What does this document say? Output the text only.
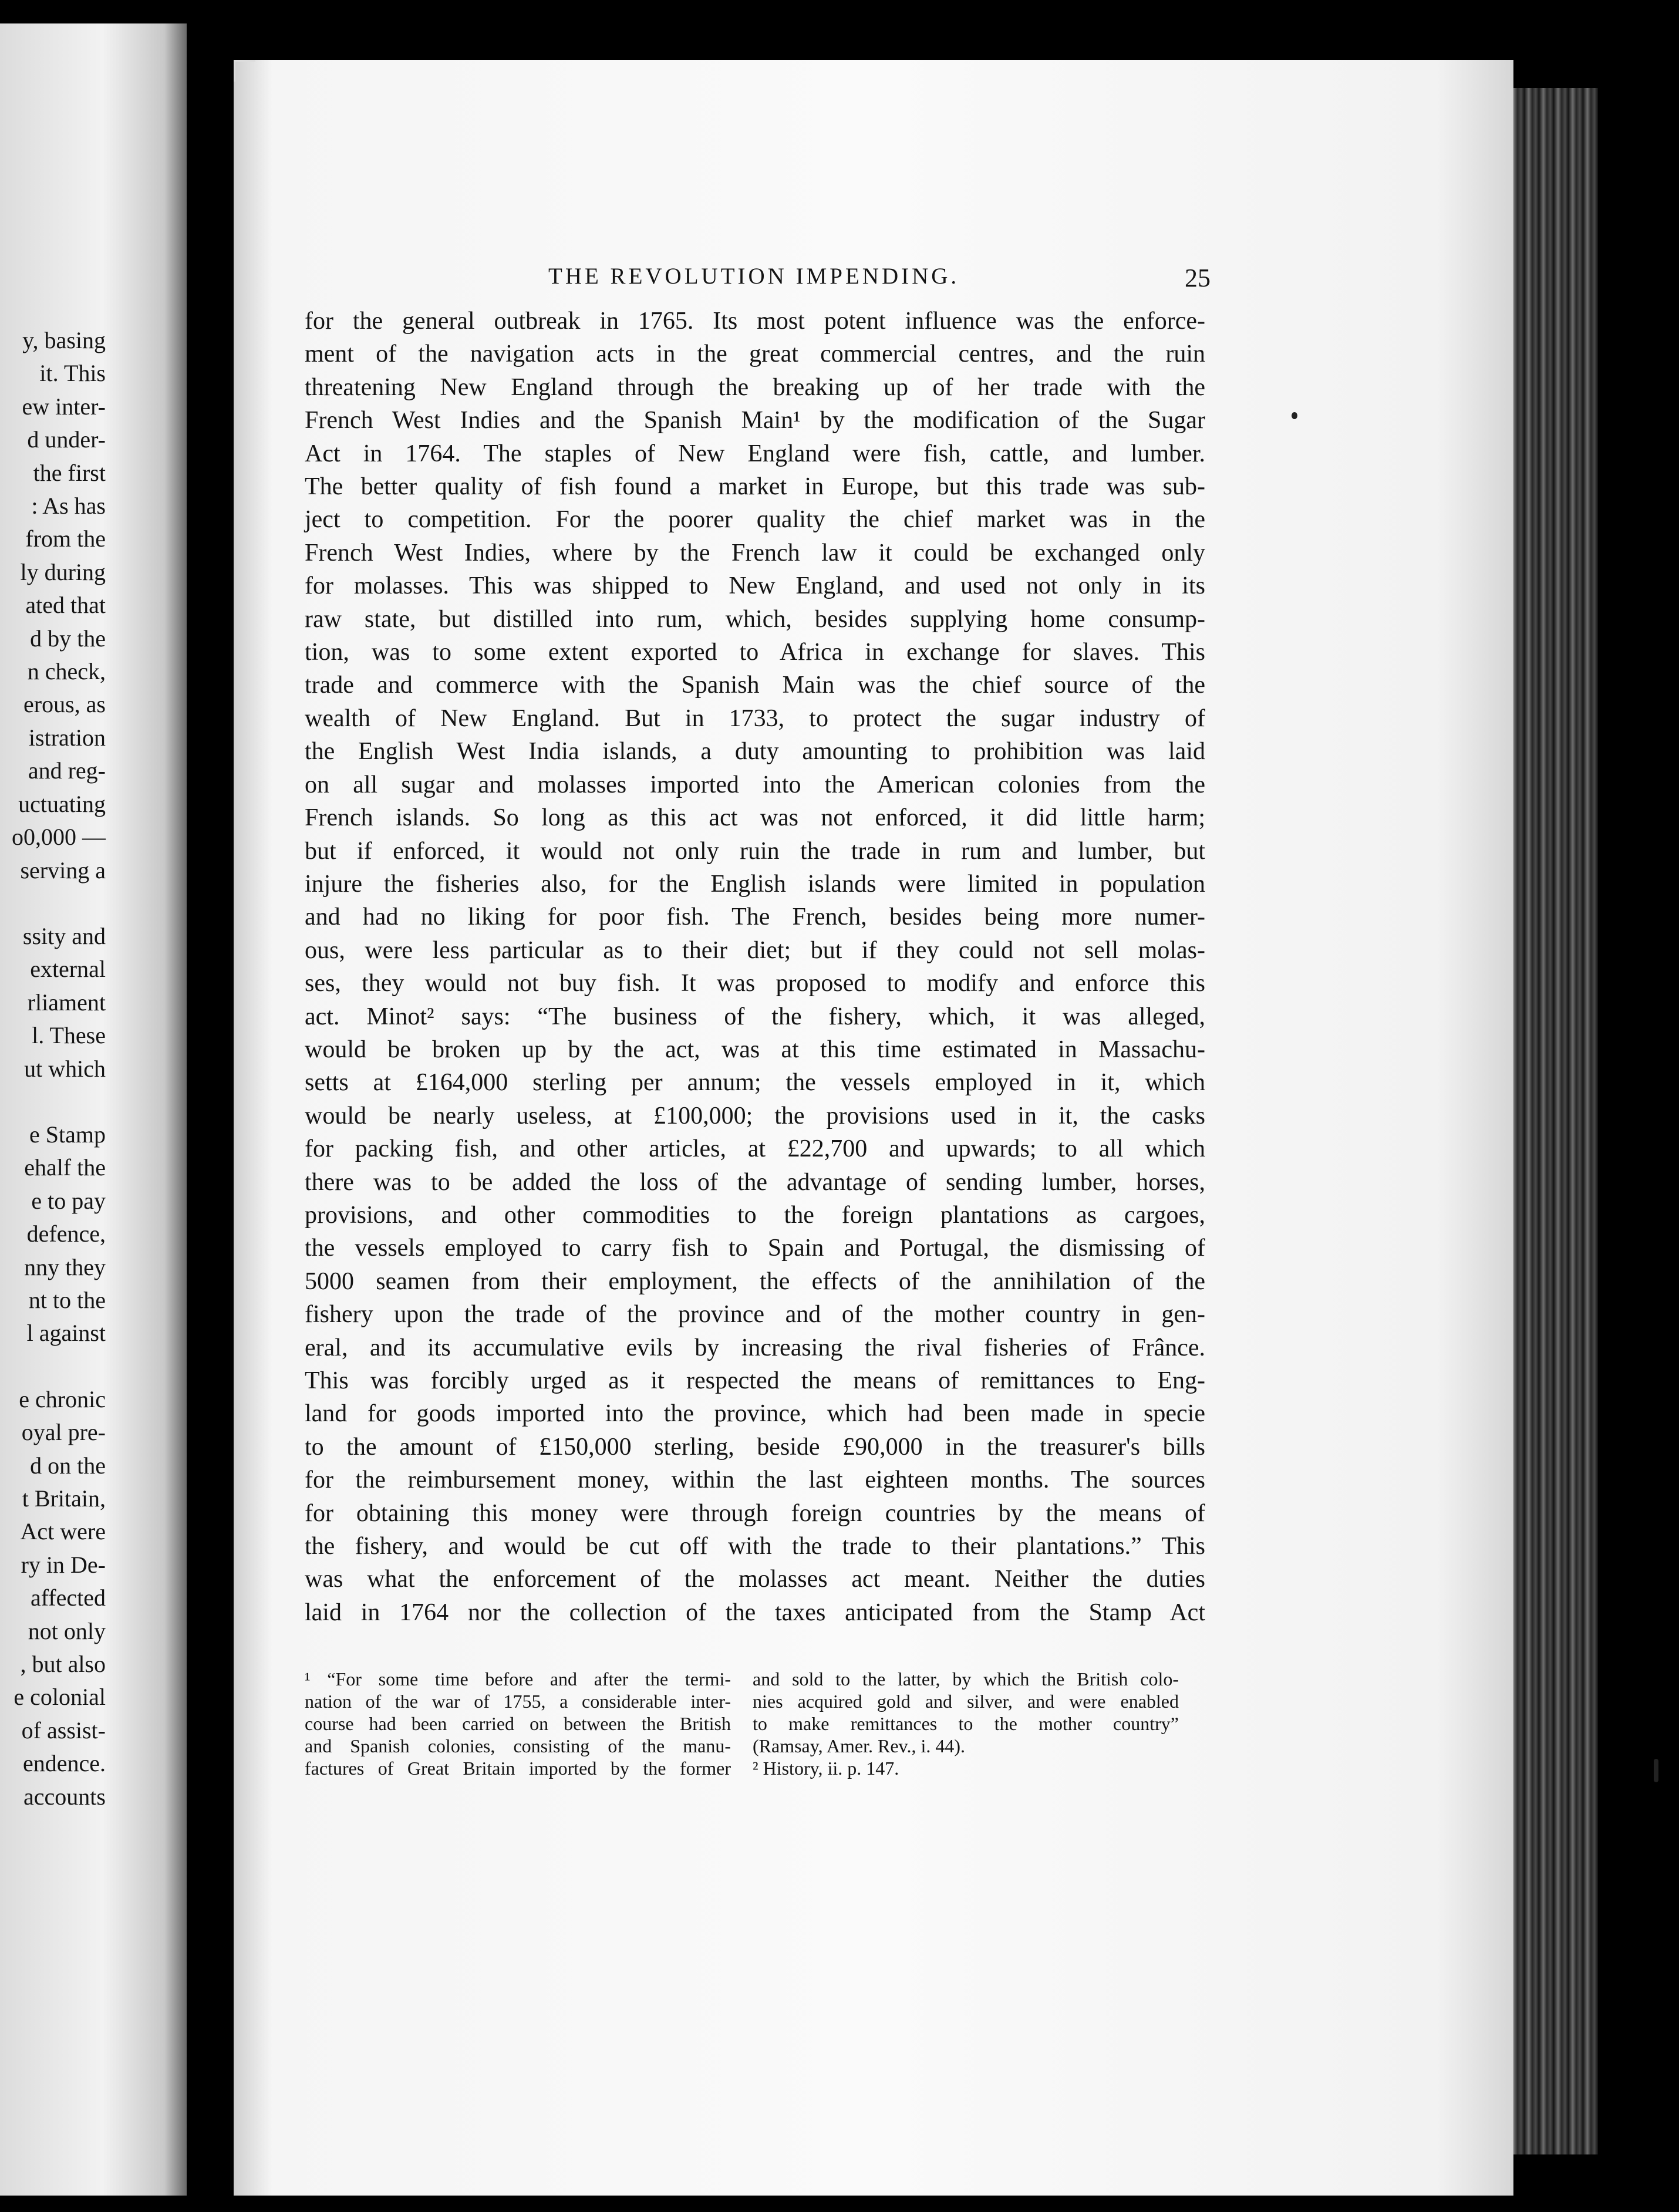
y, basing
it. This
ew inter-
d under-
the first
: As has
from the
ly during
ated that
d by the
n check,
erous, as
istration
and reg-
uctuating
o0,000 —
serving a
ssity and
external
rliament
l. These
ut which
e Stamp
ehalf the
e to pay
defence,
nny they
nt to the
l against
e chronic
oyal pre-
d on the
t Britain,
Act were
ry in De-
affected
not only
, but also
e colonial
of assist-
endence.
accounts
THE REVOLUTION IMPENDING.	25
for the general outbreak in 1765. Its most potent influence was the enforce-
ment of the navigation acts in the great commercial centres, and the ruin
threatening New England through the breaking up of her trade with the
French West Indies and the Spanish Main¹ by the modification of the Sugar
Act in 1764. The staples of New England were fish, cattle, and lumber.
The better quality of fish found a market in Europe, but this trade was sub-
ject to competition. For the poorer quality the chief market was in the
French West Indies, where by the French law it could be exchanged only
for molasses. This was shipped to New England, and used not only in its
raw state, but distilled into rum, which, besides supplying home consump-
tion, was to some extent exported to Africa in exchange for slaves. This
trade and commerce with the Spanish Main was the chief source of the
wealth of New England. But in 1733, to protect the sugar industry of
the English West India islands, a duty amounting to prohibition was laid
on all sugar and molasses imported into the American colonies from the
French islands. So long as this act was not enforced, it did little harm;
but if enforced, it would not only ruin the trade in rum and lumber, but
injure the fisheries also, for the English islands were limited in population
and had no liking for poor fish. The French, besides being more numer-
ous, were less particular as to their diet; but if they could not sell molas-
ses, they would not buy fish. It was proposed to modify and enforce this
act. Minot² says: “The business of the fishery, which, it was alleged,
would be broken up by the act, was at this time estimated in Massachu-
setts at £164,000 sterling per annum; the vessels employed in it, which
would be nearly useless, at £100,000; the provisions used in it, the casks
for packing fish, and other articles, at £22,700 and upwards; to all which
there was to be added the loss of the advantage of sending lumber, horses,
provisions, and other commodities to the foreign plantations as cargoes,
the vessels employed to carry fish to Spain and Portugal, the dismissing of
5000 seamen from their employment, the effects of the annihilation of the
fishery upon the trade of the province and of the mother country in gen-
eral, and its accumulative evils by increasing the rival fisheries of Frânce.
This was forcibly urged as it respected the means of remittances to Eng-
land for goods imported into the province, which had been made in specie
to the amount of £150,000 sterling, beside £90,000 in the treasurer's bills
for the reimbursement money, within the last eighteen months. The sources
for obtaining this money were through foreign countries by the means of
the fishery, and would be cut off with the trade to their plantations.” This
was what the enforcement of the molasses act meant. Neither the duties
laid in 1764 nor the collection of the taxes anticipated from the Stamp Act
¹ “For some time before and after the termi-
nation of the war of 1755, a considerable inter-
course had been carried on between the British
and Spanish colonies, consisting of the manu-
factures of Great Britain imported by the former
and sold to the latter, by which the British colo-
nies acquired gold and silver, and were enabled
to make remittances to the mother country”
(Ramsay, Amer. Rev., i. 44).
² History, ii. p. 147.
